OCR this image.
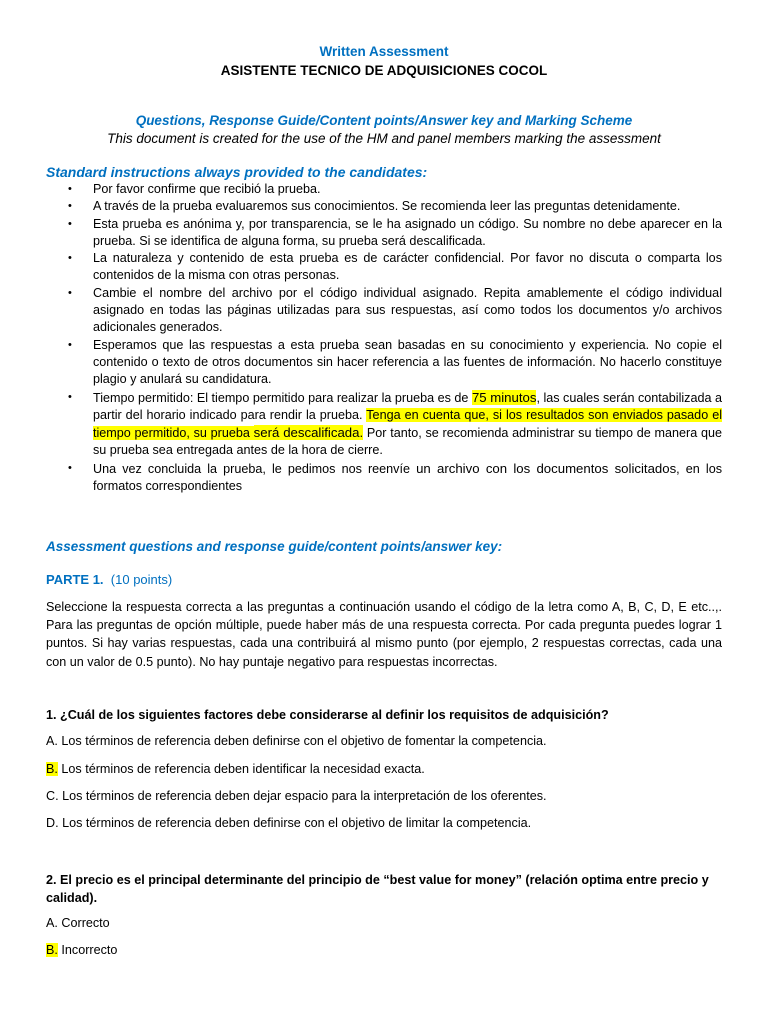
Written Assessment
ASISTENTE TECNICO DE ADQUISICIONES COCOL
Questions, Response Guide/Content points/Answer key and Marking Scheme
This document is created for the use of the HM and panel members marking the assessment
Standard instructions always provided to the candidates:
• Por favor confirme que recibió la prueba.
• A través de la prueba evaluaremos sus conocimientos. Se recomienda leer las preguntas detenidamente.
• Esta prueba es anónima y, por transparencia, se le ha asignado un código. Su nombre no debe aparecer en la prueba. Si se identifica de alguna forma, su prueba será descalificada.
• La naturaleza y contenido de esta prueba es de carácter confidencial. Por favor no discuta o comparta los contenidos de la misma con otras personas.
• Cambie el nombre del archivo por el código individual asignado. Repita amablemente el código individual asignado en todas las páginas utilizadas para sus respuestas, así como todos los documentos y/o archivos adicionales generados.
• Esperamos que las respuestas a esta prueba sean basadas en su conocimiento y experiencia. No copie el contenido o texto de otros documentos sin hacer referencia a las fuentes de información. No hacerlo constituye plagio y anulará su candidatura.
• Tiempo permitido: El tiempo permitido para realizar la prueba es de 75 minutos, las cuales serán contabilizada a partir del horario indicado para rendir la prueba. Tenga en cuenta que, si los resultados son enviados pasado el tiempo permitido, su prueba será descalificada. Por tanto, se recomienda administrar su tiempo de manera que su prueba sea entregada antes de la hora de cierre.
• Una vez concluida la prueba, le pedimos nos reenvíe un archivo con los documentos solicitados, en los formatos correspondientes
Assessment questions and response guide/content points/answer key:
PARTE 1. (10 points)

Seleccione la respuesta correcta a las preguntas a continuación usando el código de la letra como A, B, C, D, E etc..,. Para las preguntas de opción múltiple, puede haber más de una respuesta correcta. Por cada pregunta puedes lograr 1 puntos. Si hay varias respuestas, cada una contribuirá al mismo punto (por ejemplo, 2 respuestas correctas, cada una con un valor de 0.5 punto). No hay puntaje negativo para respuestas incorrectas.

1. ¿Cuál de los siguientes factores debe considerarse al definir los requisitos de adquisición?
A. Los términos de referencia deben definirse con el objetivo de fomentar la competencia.
B. Los términos de referencia deben identificar la necesidad exacta.
C. Los términos de referencia deben dejar espacio para la interpretación de los oferentes.
D. Los términos de referencia deben definirse con el objetivo de limitar la competencia.
2. El precio es el principal determinante del principio de “best value for money” (relación optima entre precio y calidad).
A. Correcto
B. Incorrecto
